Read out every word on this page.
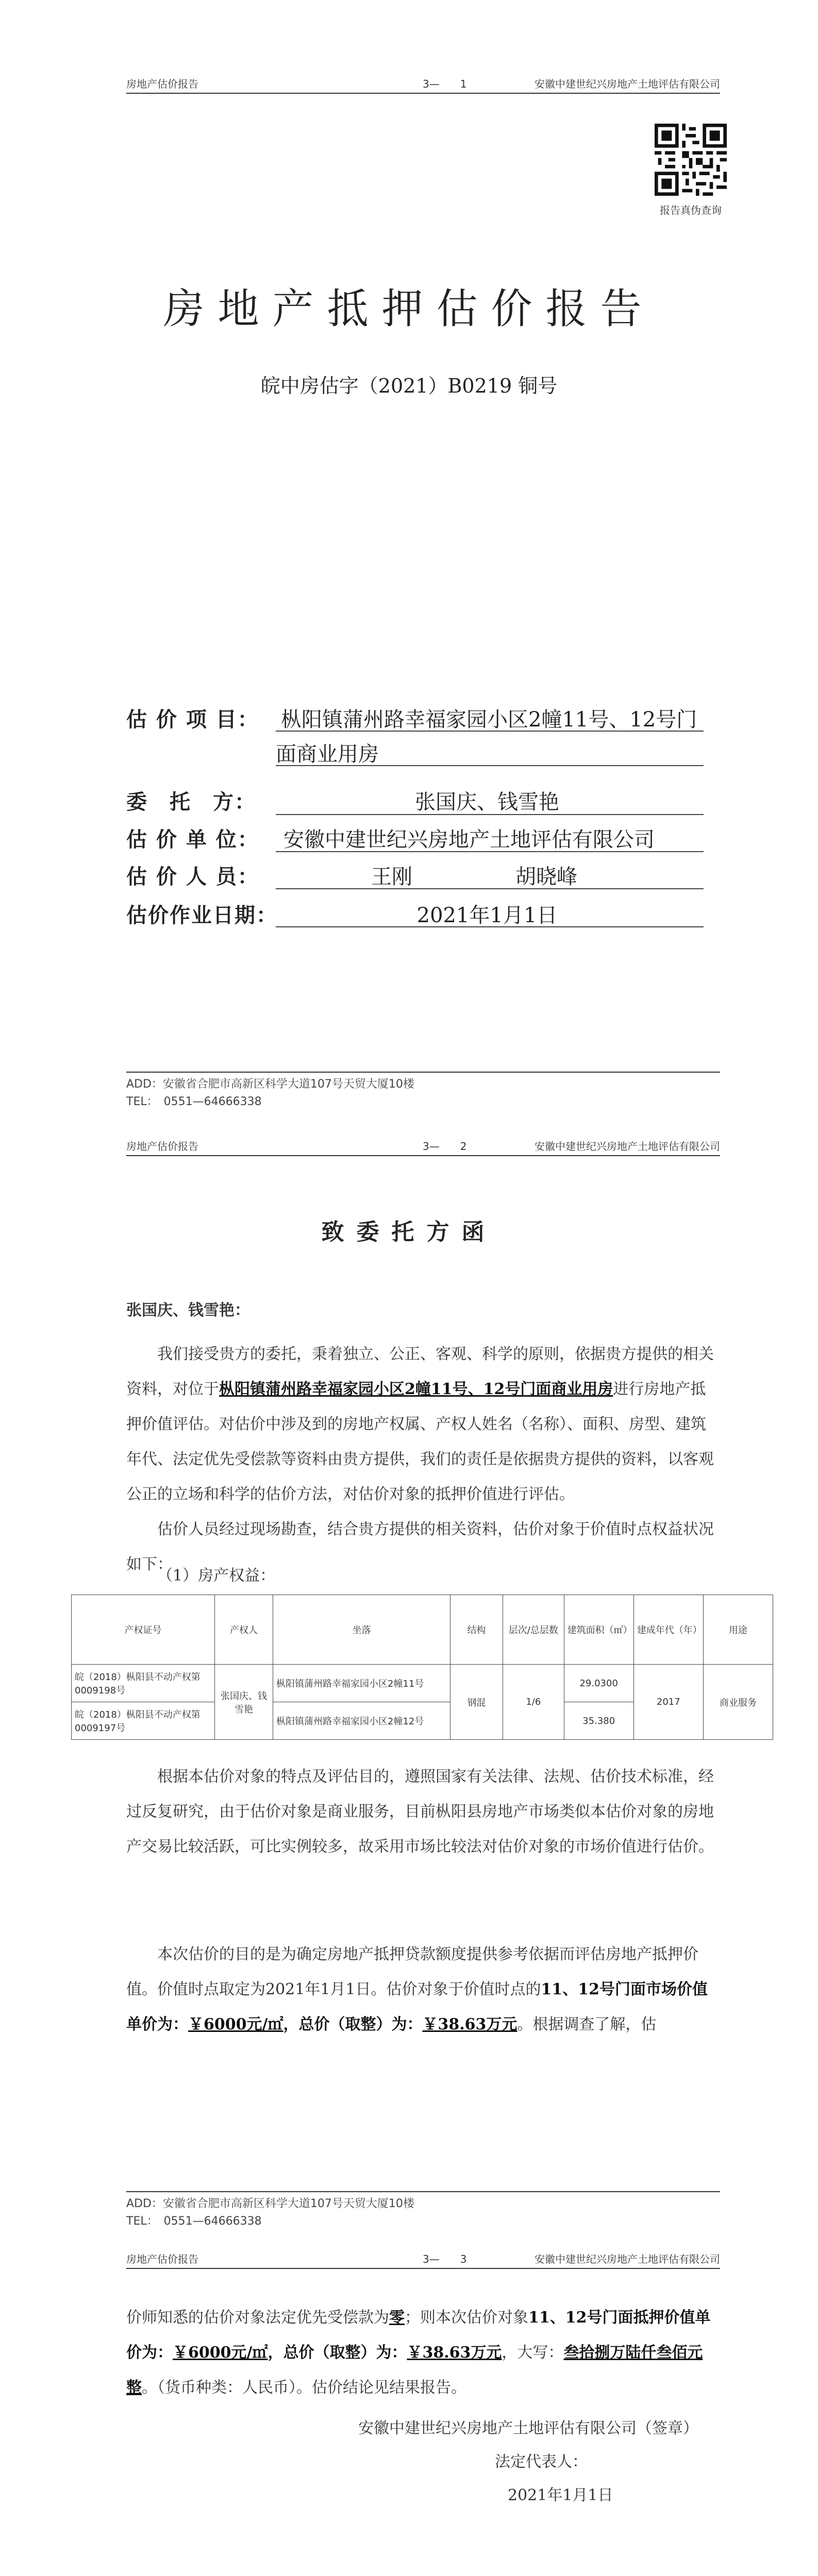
房地产估价报告	3—　　1	安徽中建世纪兴房地产土地评估有限公司
报告真伪查询
房地产抵押估价报告
皖中房估字（2021）B0219 铜号
估 价 项 目： 枞阳镇蒲州路幸福家园小区2幢11号、12号门
面商业用房
委　托　方：	张国庆、钱雪艳
估 价 单 位： 安徽中建世纪兴房地产土地评估有限公司
估 价 人 员：	王刚　　　　　胡晓峰
估价作业日期：	2021年1月1日
ADD：安徽省合肥市高新区科学大道107号天贸大厦10楼
TEL：　0551—64666338
房地产估价报告	3—　　2	安徽中建世纪兴房地产土地评估有限公司
致委托方函
张国庆、钱雪艳：
我们接受贵方的委托，秉着独立、公正、客观、科学的原则，依据贵方提供的相关资料，对位于枞阳镇蒲州路幸福家园小区2幢11号、12号门面商业用房进行房地产抵押价值评估。对估价中涉及到的房地产权属、产权人姓名（名称）、面积、房型、建筑年代、法定优先受偿款等资料由贵方提供，我们的责任是依据贵方提供的资料，以客观公正的立场和科学的估价方法，对估价对象的抵押价值进行评估。
估价人员经过现场勘查，结合贵方提供的相关资料，估价对象于价值时点权益状况如下：
（1）房产权益：
产权证号	产权人	坐落	结构	层次/总层数	建筑面积（㎡）	建成年代（年）	用途
皖（2018）枞阳县不动产权第0009198号	张国庆、钱雪艳	枞阳镇蒲州路幸福家园小区2幢11号	钢混	1/6	29.0300	2017	商业服务
皖（2018）枞阳县不动产权第0009197号		枞阳镇蒲州路幸福家园小区2幢12号			35.380		
根据本估价对象的特点及评估目的，遵照国家有关法律、法规、估价技术标准，经过反复研究，由于估价对象是商业服务，目前枞阳县房地产市场类似本估价对象的房地产交易比较活跃，可比实例较多，故采用市场比较法对估价对象的市场价值进行估价。
本次估价的目的是为确定房地产抵押贷款额度提供参考依据而评估房地产抵押价值。价值时点取定为2021年1月1日。估价对象于价值时点的11、12号门面市场价值单价为：￥6000元/㎡，总价（取整）为：￥38.63万元。根据调查了解，估
ADD：安徽省合肥市高新区科学大道107号天贸大厦10楼
TEL：　0551—64666338
房地产估价报告	3—　　3	安徽中建世纪兴房地产土地评估有限公司
价师知悉的估价对象法定优先受偿款为零；则本次估价对象11、12号门面抵押价值单价为：￥6000元/㎡，总价（取整）为：￥38.63万元，大写：叁拾捌万陆仟叁佰元整。（货币种类：人民币）。估价结论见结果报告。
安徽中建世纪兴房地产土地评估有限公司（签章）
法定代表人：
2021年1月1日
